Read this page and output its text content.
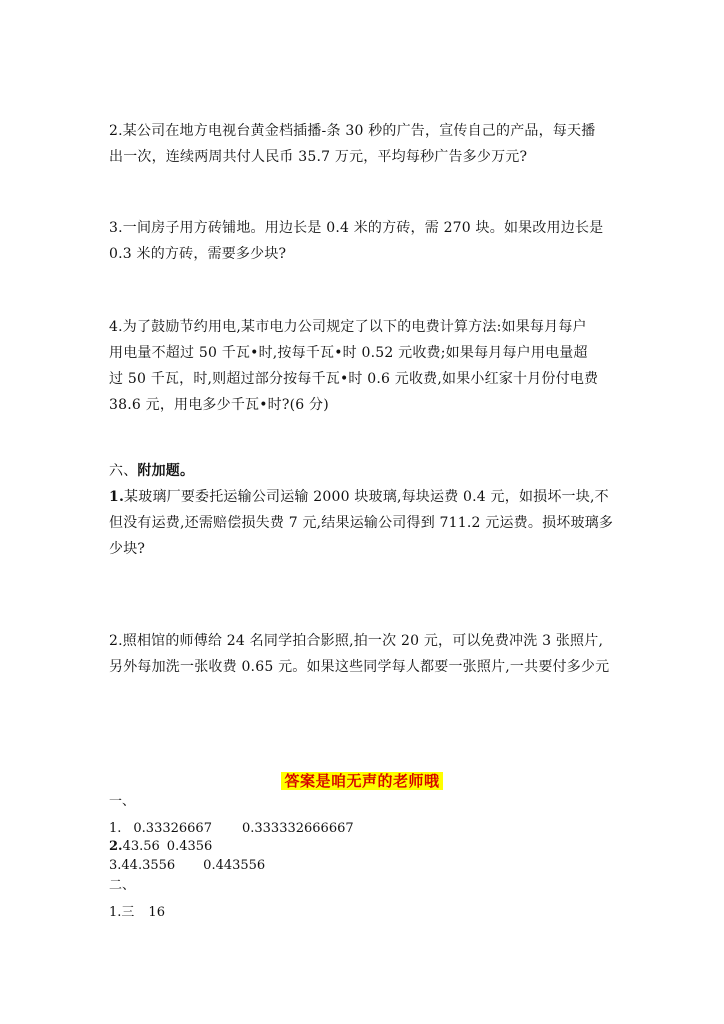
2.某公司在地方电视台黄金档插播-条 30 秒的广告，宣传自己的产品，每天播

出一次，连续两周共付人民币 35.7 万元，平均每秒广告多少万元?

3.一间房子用方砖铺地。用边长是 0.4 米的方砖，需 270 块。如果改用边长是

0.3 米的方砖，需要多少块?

4.为了鼓励节约用电,某市电力公司规定了以下的电费计算方法:如果每月每户

用电量不超过 50 千瓦•时,按每千瓦•时 0.52 元收费;如果每月每户用电量超

过 50 千瓦，时,则超过部分按每千瓦•时 0.6 元收费,如果小红家十月份付电费

38.6 元，用电多少千瓦•时?(6 分)

六、附加题。

1.某玻璃厂要委托运输公司运输 2000 块玻璃,每块运费 0.4 元，如损坏一块,不

但没有运费,还需赔偿损失费 7 元,结果运输公司得到 711.2 元运费。损坏玻璃多

少块?

2.照相馆的师傅给 24 名同学拍合影照,拍一次 20 元，可以免费冲洗 3 张照片,

另外每加洗一张收费 0.65 元。如果这些同学每人都要一张照片,一共要付多少元

答案是咱无声的老师哦
一、
1. 0.33326667 0.333332666667
2.43.56 0.4356
3.44.3556 0.443556
二、
1.三 16
